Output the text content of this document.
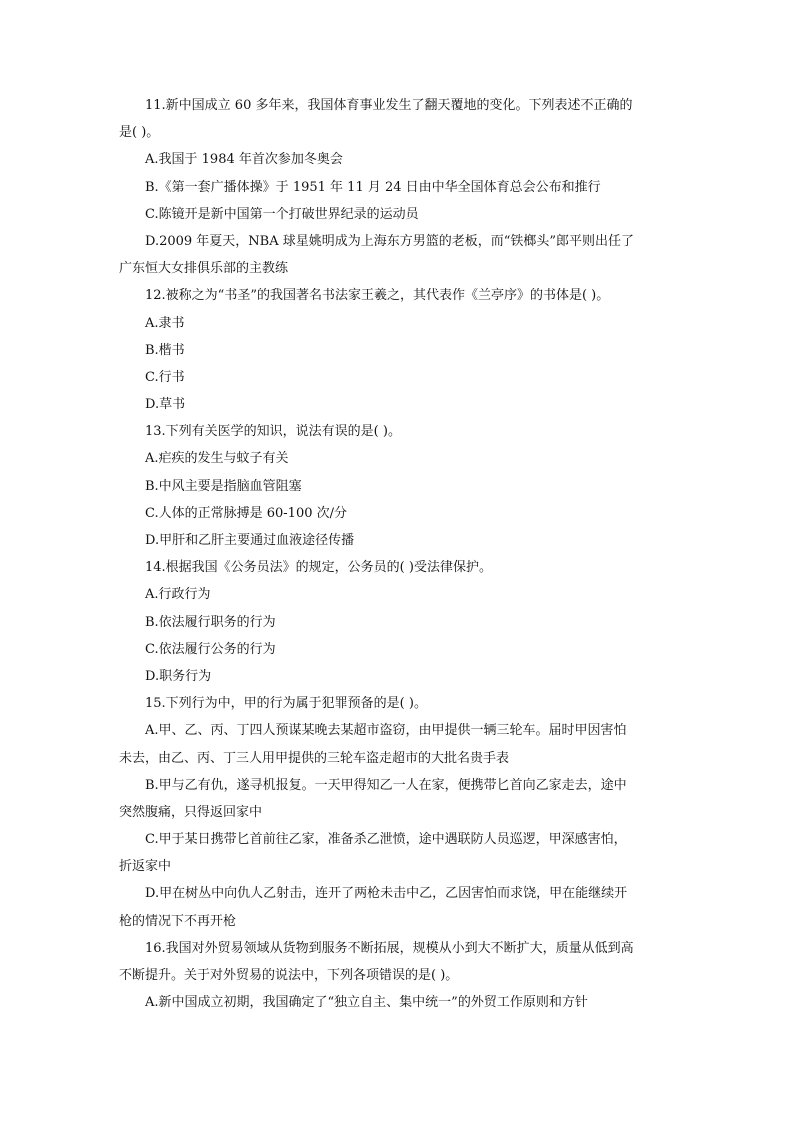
11.新中国成立 60 多年来，我国体育事业发生了翻天覆地的变化。下列表述不正确的
是( )。
A.我国于 1984 年首次参加冬奥会
B.《第一套广播体操》于 1951 年 11 月 24 日由中华全国体育总会公布和推行
C.陈镜开是新中国第一个打破世界纪录的运动员
D.2009 年夏天，NBA 球星姚明成为上海东方男篮的老板，而“铁榔头”郎平则出任了
广东恒大女排俱乐部的主教练
12.被称之为“书圣”的我国著名书法家王羲之，其代表作《兰亭序》的书体是( )。
A.隶书
B.楷书
C.行书
D.草书
13.下列有关医学的知识，说法有误的是( )。
A.疟疾的发生与蚊子有关
B.中风主要是指脑血管阻塞
C.人体的正常脉搏是 60-100 次/分
D.甲肝和乙肝主要通过血液途径传播
14.根据我国《公务员法》的规定，公务员的( )受法律保护。
A.行政行为
B.依法履行职务的行为
C.依法履行公务的行为
D.职务行为
15.下列行为中，甲的行为属于犯罪预备的是( )。
A.甲、乙、丙、丁四人预谋某晚去某超市盗窃，由甲提供一辆三轮车。届时甲因害怕
未去，由乙、丙、丁三人用甲提供的三轮车盗走超市的大批名贵手表
B.甲与乙有仇，遂寻机报复。一天甲得知乙一人在家，便携带匕首向乙家走去，途中
突然腹痛，只得返回家中
C.甲于某日携带匕首前往乙家，准备杀乙泄愤，途中遇联防人员巡逻，甲深感害怕，
折返家中
D.甲在树丛中向仇人乙射击，连开了两枪未击中乙，乙因害怕而求饶，甲在能继续开
枪的情况下不再开枪
16.我国对外贸易领域从货物到服务不断拓展，规模从小到大不断扩大，质量从低到高
不断提升。关于对外贸易的说法中，下列各项错误的是( )。
A.新中国成立初期，我国确定了“独立自主、集中统一”的外贸工作原则和方针
